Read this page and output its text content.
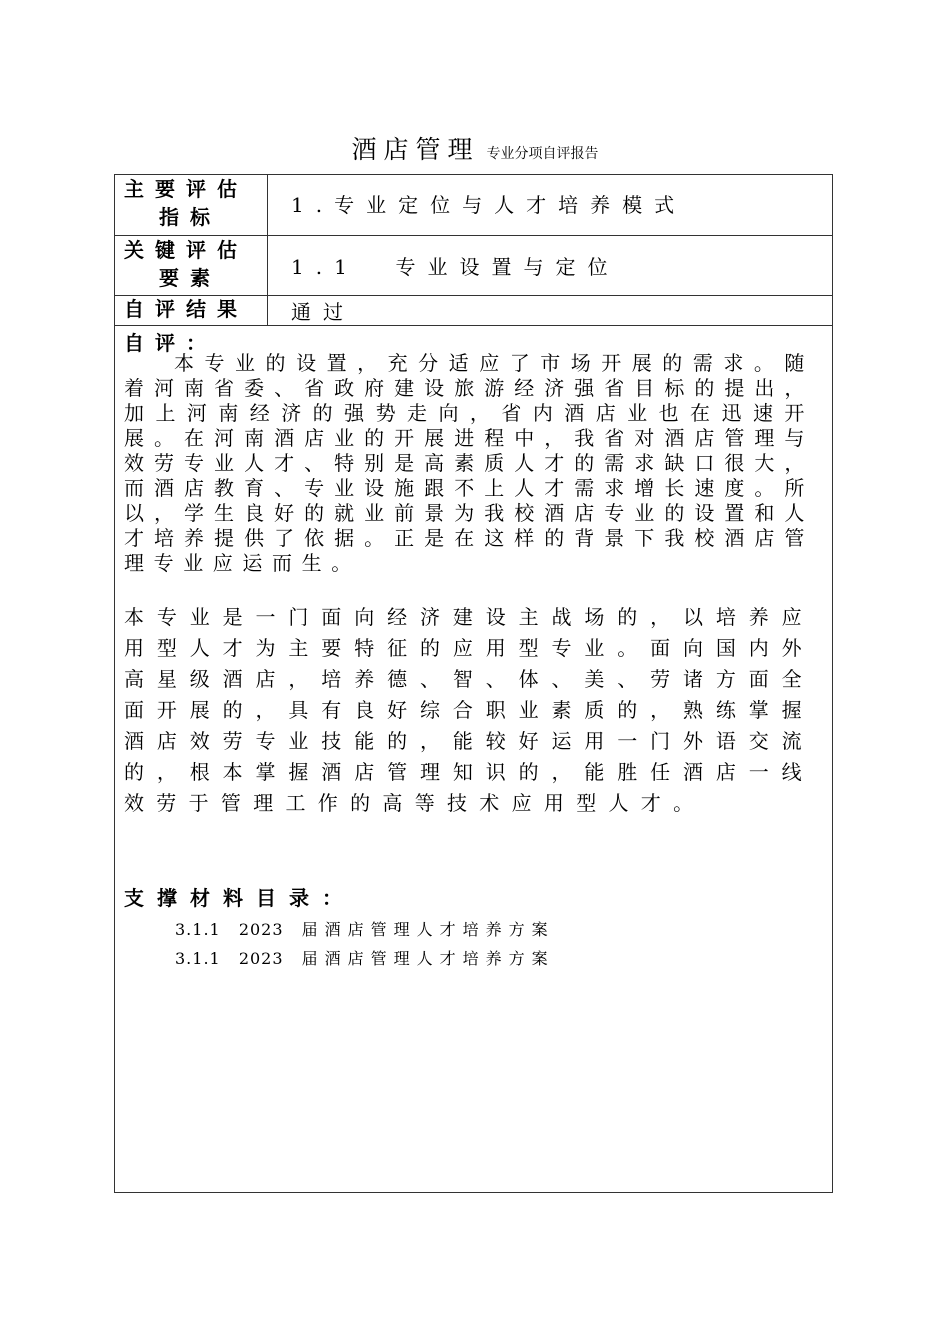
酒店管理 专业分项自评报告
主要评估
指标	1.专业定位与人才培养模式
关键评估
要素	1.1  专业设置与定位
自评结果 通过
自评：

本专业的设置，充分适应了市场开展的需求。随着河南省委、省政府建设旅游经济强省目标的提出，加上河南经济的强势走向，省内酒店业也在迅速开展。在河南酒店业的开展进程中，我省对酒店管理与效劳专业人才、特别是高素质人才的需求缺口很大，而酒店教育、专业设施跟不上人才需求增长速度。所以，学生良好的就业前景为我校酒店专业的设置和人才培养提供了依据。正是在这样的背景下我校酒店管理专业应运而生。

本专业是一门面向经济建设主战场的，以培养应用型人才为主要特征的应用型专业。面向国内外高星级酒店，培养德、智、体、美、劳诸方面全面开展的，具有良好综合职业素质的，熟练掌握酒店效劳专业技能的，能较好运用一门外语交流的，根本掌握酒店管理知识的，能胜任酒店一线效劳于管理工作的高等技术应用型人才。

支撑材料目录：
3.1.1 2023 届酒店管理人才培养方案
3.1.1 2023 届酒店管理人才培养方案
